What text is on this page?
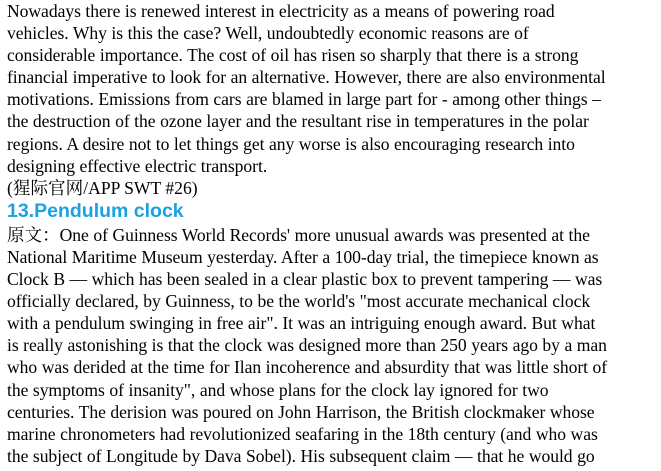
Nowadays there is renewed interest in electricity as a means of powering road
vehicles. Why is this the case? Well, undoubtedly economic reasons are of
considerable importance. The cost of oil has risen so sharply that there is a strong
financial imperative to look for an alternative. However, there are also environmental
motivations. Emissions from cars are blamed in large part for - among other things –
the destruction of the ozone layer and the resultant rise in temperatures in the polar
regions. A desire not to let things get any worse is also encouraging research into
designing effective electric transport.

(猩际官网/APP SWT #26)

13.Pendulum clock

原文：One of Guinness World Records' more unusual awards was presented at the
National Maritime Museum yesterday. After a 100-day trial, the timepiece known as
Clock B — which has been sealed in a clear plastic box to prevent tampering — was
officially declared, by Guinness, to be the world's "most accurate mechanical clock
with a pendulum swinging in free air". It was an intriguing enough award. But what
is really astonishing is that the clock was designed more than 250 years ago by a man
who was derided at the time for Ilan incoherence and absurdity that was little short of
the symptoms of insanity", and whose plans for the clock lay ignored for two
centuries. The derision was poured on John Harrison, the British clockmaker whose
marine chronometers had revolutionized seafaring in the 18th century (and who was
the subject of Longitude by Dava Sobel). His subsequent claim — that he would go
